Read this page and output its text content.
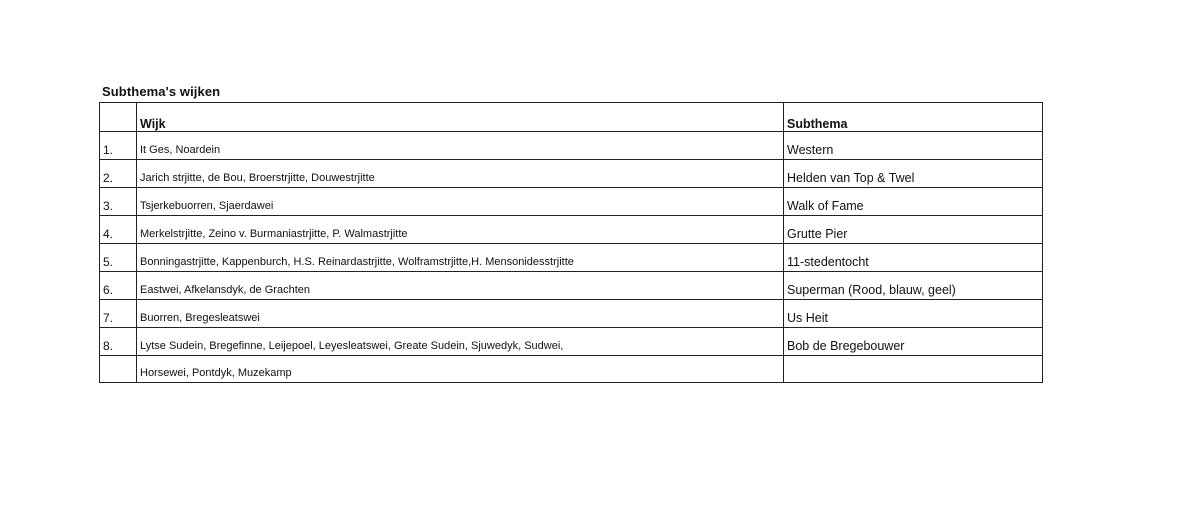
Subthema's wijken
	Wijk	Subthema
1.	It Ges, Noardein	Western
2.	Jarich strjitte, de Bou, Broerstrjitte, Douwestrjitte	Helden van Top & Twel
3.	Tsjerkebuorren, Sjaerdawei	Walk of Fame
4.	Merkelstrjitte, Zeino v. Burmaniastrjitte, P. Walmastrjitte	Grutte Pier
5.	Bonningastrjitte, Kappenburch, H.S. Reinardastrjitte, Wolframstrjitte,H. Mensonidesstrjitte	11-stedentocht
6.	Eastwei, Afkelansdyk, de Grachten	Superman (Rood, blauw, geel)
7.	Buorren, Bregesleatswei	Us Heit
8.	Lytse Sudein, Bregefinne, Leijepoel, Leyesleatswei, Greate Sudein, Sjuwedyk, Sudwei,	Bob de Bregebouwer
	Horsewei, Pontdyk, Muzekamp	
